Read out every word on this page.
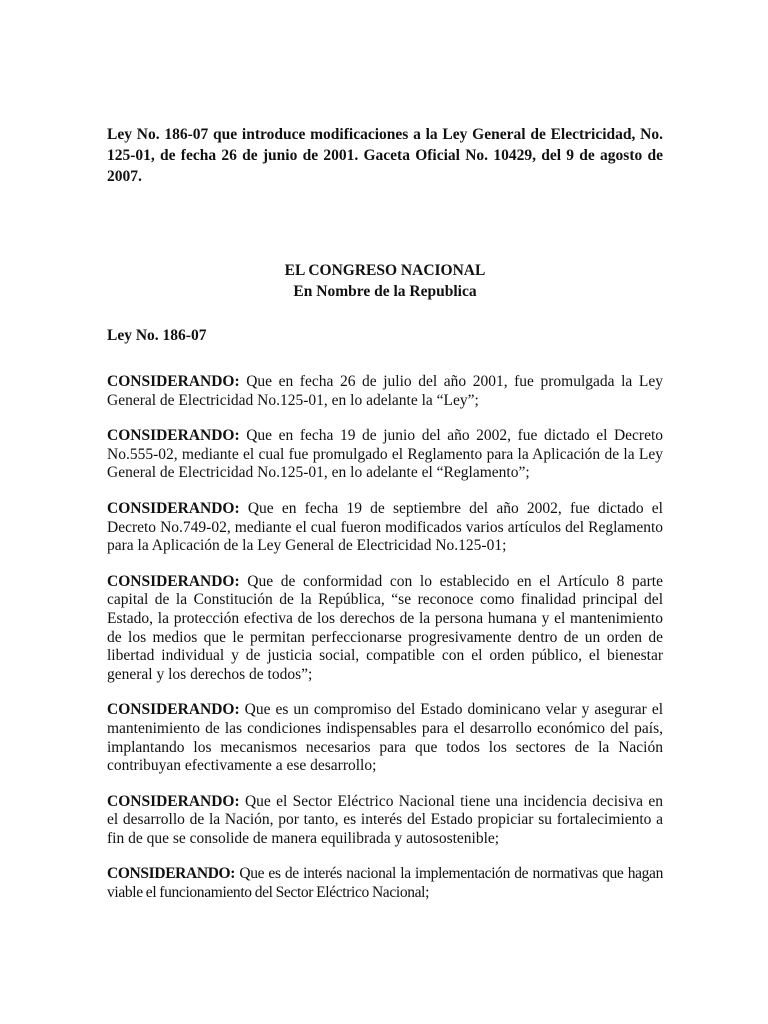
Ley No. 186-07 que introduce modificaciones a la Ley General de Electricidad, No. 125-01, de fecha 26 de junio de 2001. Gaceta Oficial No. 10429, del 9 de agosto de 2007.
EL CONGRESO NACIONAL
En Nombre de la Republica
Ley No. 186-07

CONSIDERANDO: Que en fecha 26 de julio del año 2001, fue promulgada la Ley General de Electricidad No.125-01, en lo adelante la “Ley”;

CONSIDERANDO: Que en fecha 19 de junio del año 2002, fue dictado el Decreto No.555-02, mediante el cual fue promulgado el Reglamento para la Aplicación de la Ley General de Electricidad No.125-01, en lo adelante el “Reglamento”;

CONSIDERANDO: Que en fecha 19 de septiembre del año 2002, fue dictado el Decreto No.749-02, mediante el cual fueron modificados varios artículos del Reglamento para la Aplicación de la Ley General de Electricidad No.125-01;

CONSIDERANDO: Que de conformidad con lo establecido en el Artículo 8 parte capital de la Constitución de la República, “se reconoce como finalidad principal del Estado, la protección efectiva de los derechos de la persona humana y el mantenimiento de los medios que le permitan perfeccionarse progresivamente dentro de un orden de libertad individual y de justicia social, compatible con el orden público, el bienestar general y los derechos de todos”;

CONSIDERANDO: Que es un compromiso del Estado dominicano velar y asegurar el mantenimiento de las condiciones indispensables para el desarrollo económico del país, implantando los mecanismos necesarios para que todos los sectores de la Nación contribuyan efectivamente a ese desarrollo;

CONSIDERANDO: Que el Sector Eléctrico Nacional tiene una incidencia decisiva en el desarrollo de la Nación, por tanto, es interés del Estado propiciar su fortalecimiento a fin de que se consolide de manera equilibrada y autosostenible;

CONSIDERANDO: Que es de interés nacional la implementación de normativas que hagan viable el funcionamiento del Sector Eléctrico Nacional;
